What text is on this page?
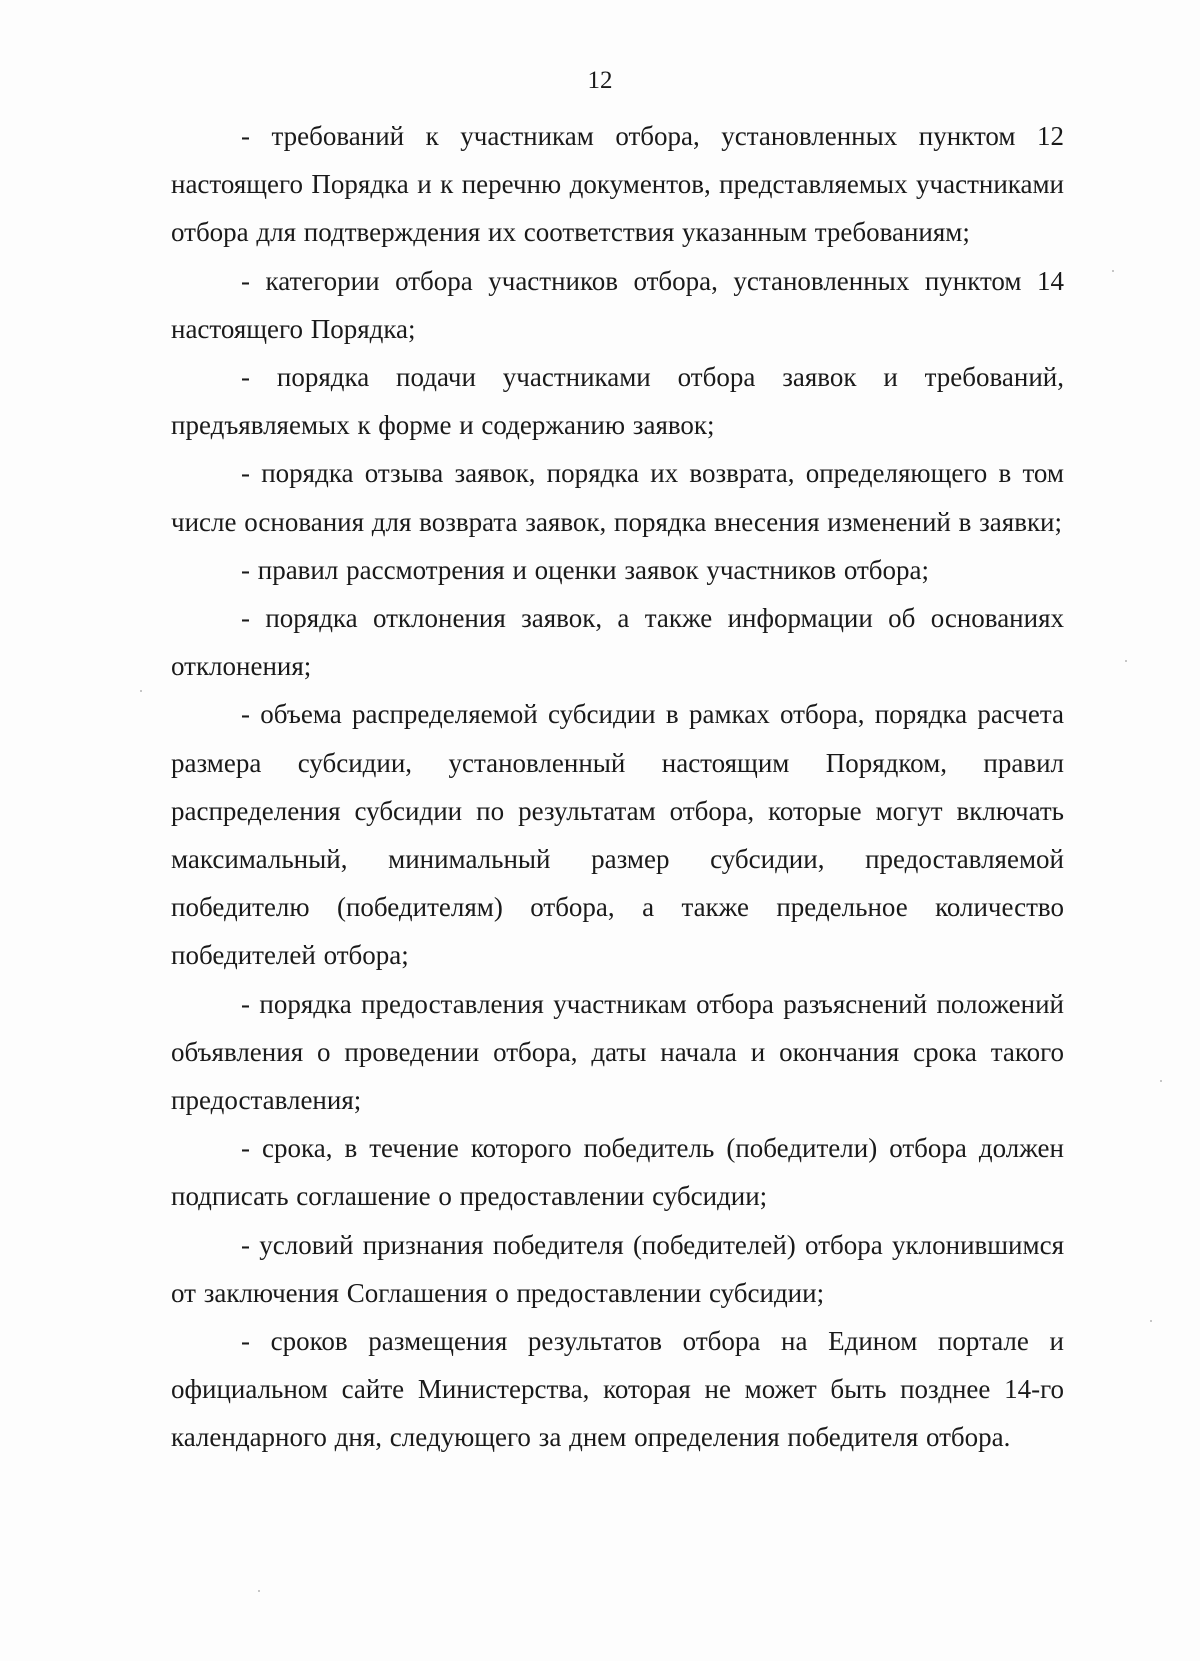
12

- требований к участникам отбора, установленных пунктом 12 настоящего Порядка и к перечню документов, представляемых участниками отбора для подтверждения их соответствия указанным требованиям;

- категории отбора участников отбора, установленных пунктом 14 настоящего Порядка;

- порядка подачи участниками отбора заявок и требований, предъявляемых к форме и содержанию заявок;

- порядка отзыва заявок, порядка их возврата, определяющего в том числе основания для возврата заявок, порядка внесения изменений в заявки;

- правил рассмотрения и оценки заявок участников отбора;

- порядка отклонения заявок, а также информации об основаниях отклонения;

- объема распределяемой субсидии в рамках отбора, порядка расчета размера субсидии, установленный настоящим Порядком, правил распределения субсидии по результатам отбора, которые могут включать максимальный, минимальный размер субсидии, предоставляемой победителю (победителям) отбора, а также предельное количество победителей отбора;

- порядка предоставления участникам отбора разъяснений положений объявления о проведении отбора, даты начала и окончания срока такого предоставления;

- срока, в течение которого победитель (победители) отбора должен подписать соглашение о предоставлении субсидии;

- условий признания победителя (победителей) отбора уклонившимся от заключения Соглашения о предоставлении субсидии;

- сроков размещения результатов отбора на Едином портале и официальном сайте Министерства, которая не может быть позднее 14-го календарного дня, следующего за днем определения победителя отбора.
